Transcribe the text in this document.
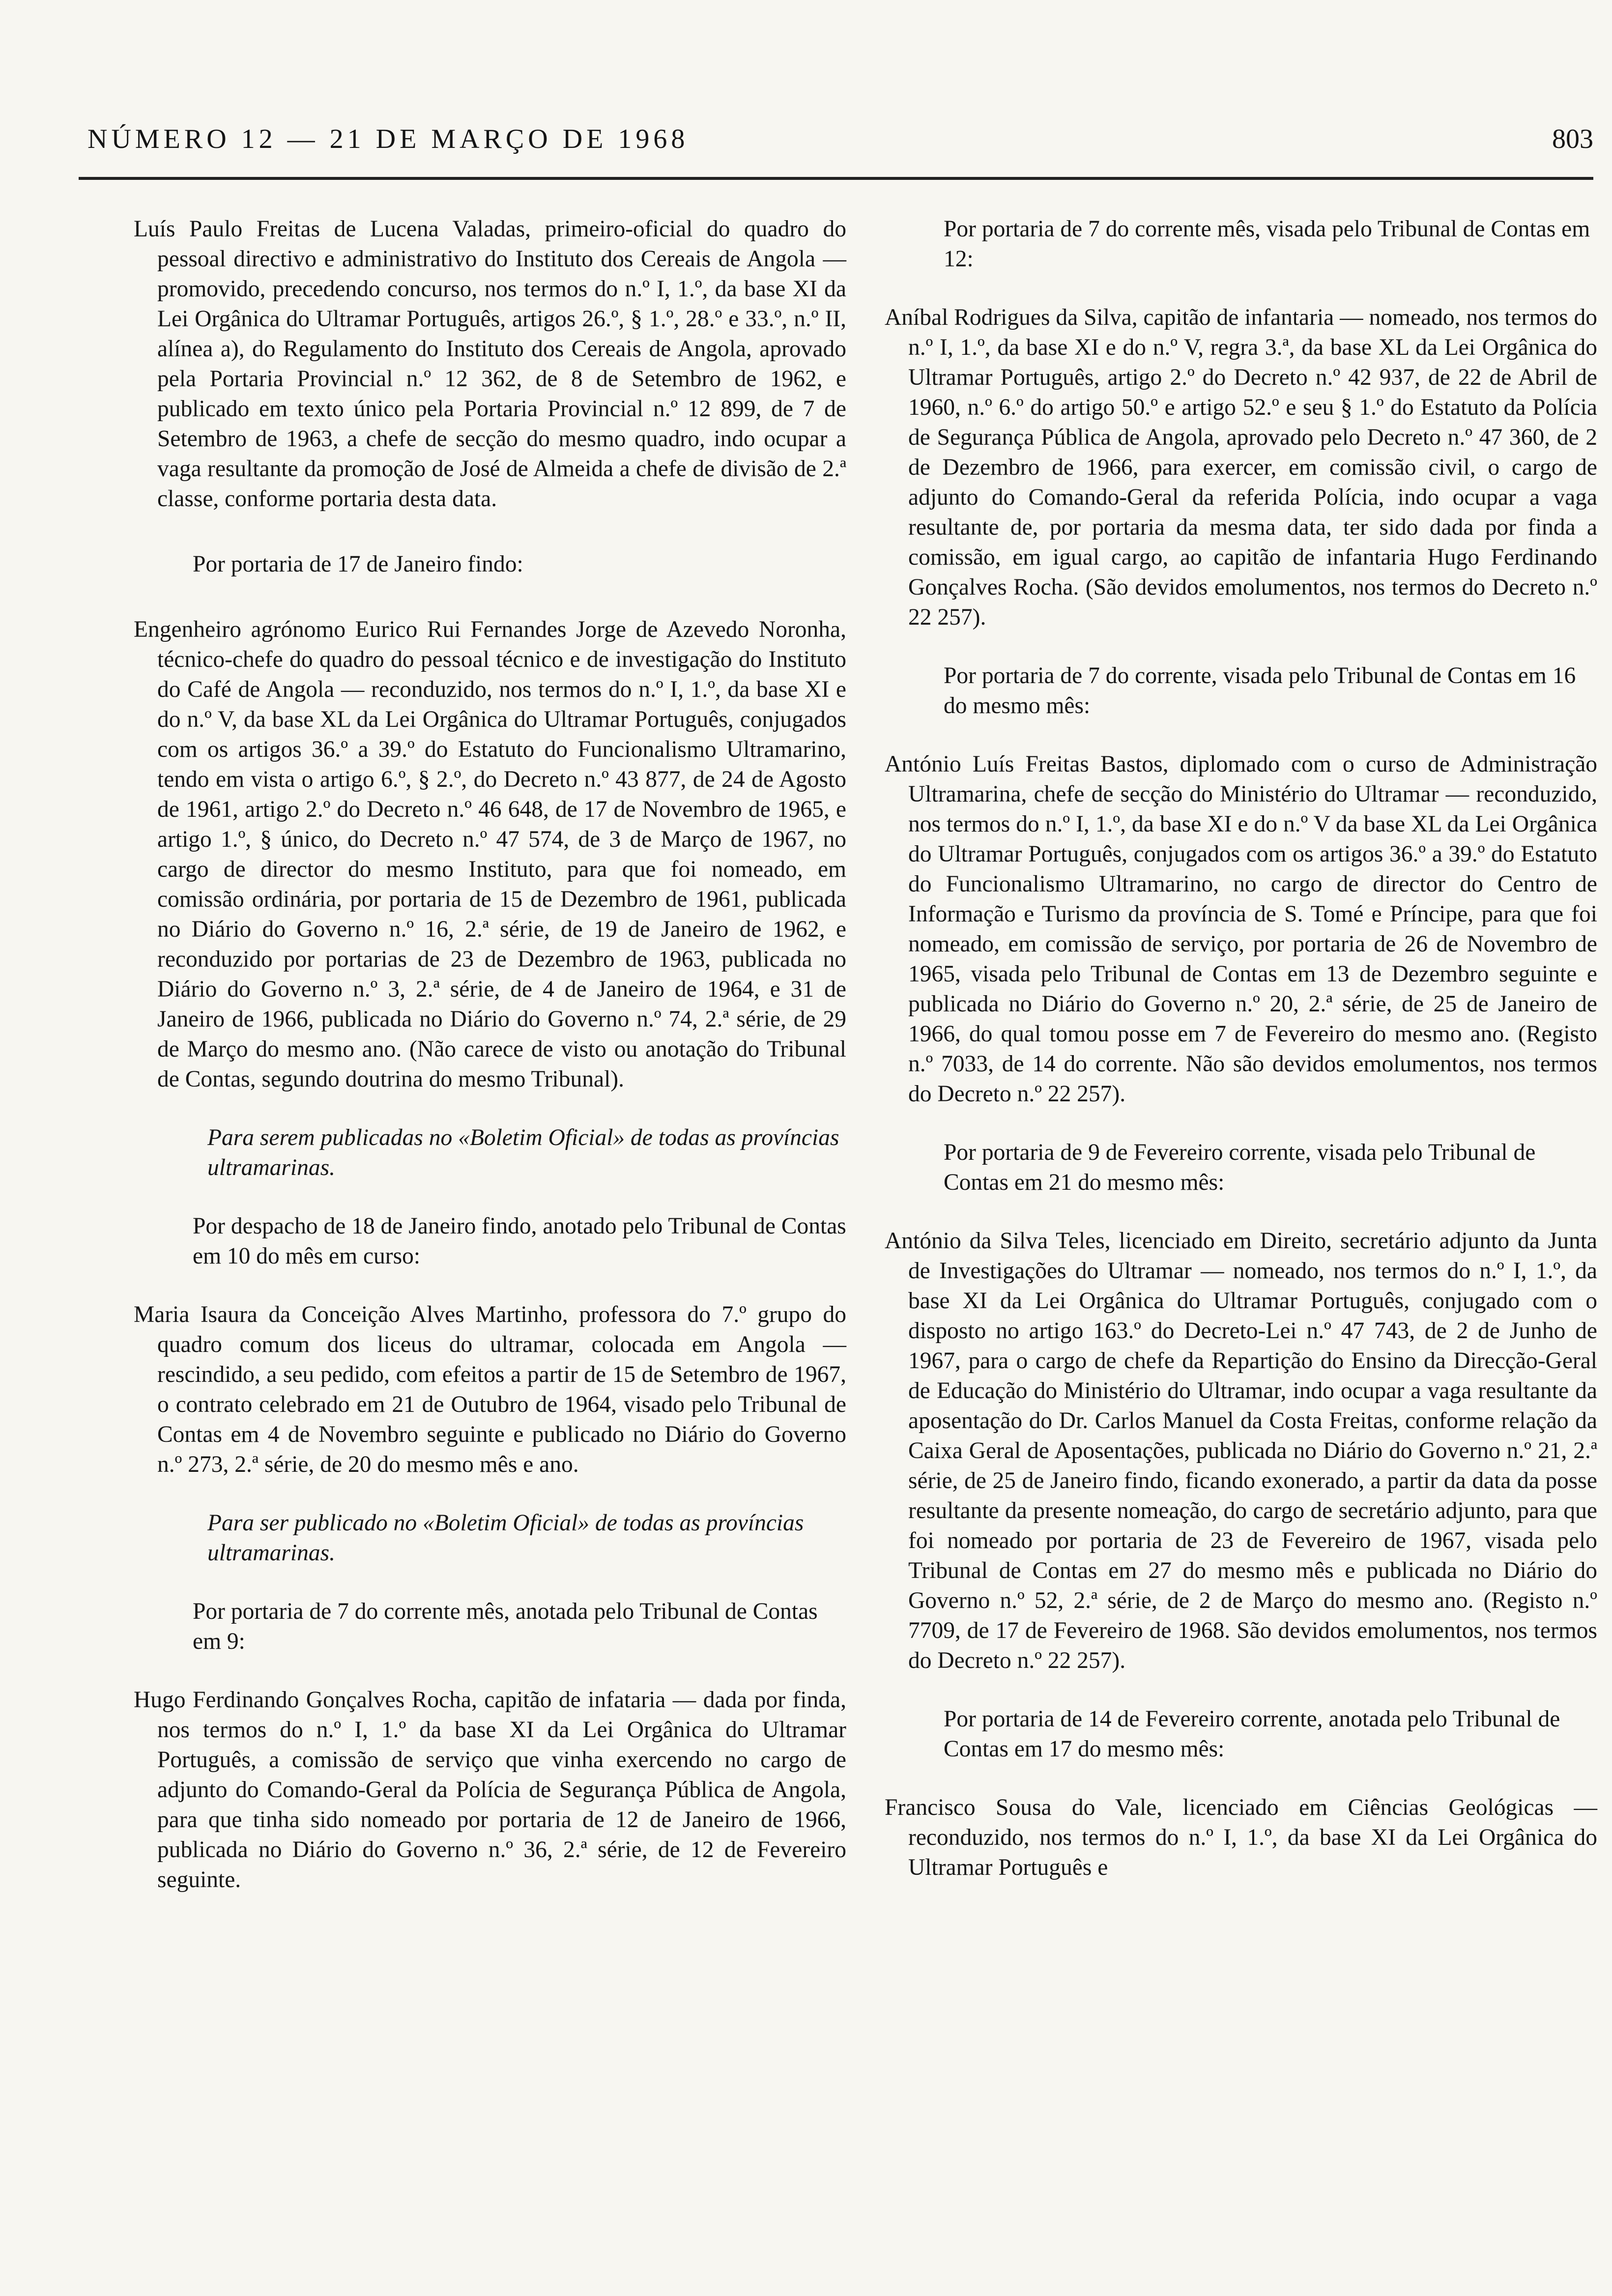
NÚMERO 12 — 21 DE MARÇO DE 1968	803

Luís Paulo Freitas de Lucena Valadas, primeiro-oficial do quadro do pessoal directivo e administrativo do Instituto dos Cereais de Angola — promovido, precedendo concurso, nos termos do n.º I, 1.º, da base XI da Lei Orgânica do Ultramar Português, artigos 26.º, § 1.º, 28.º e 33.º, n.º II, alínea a), do Regulamento do Instituto dos Cereais de Angola, aprovado pela Portaria Provincial n.º 12 362, de 8 de Setembro de 1962, e publicado em texto único pela Portaria Provincial n.º 12 899, de 7 de Setembro de 1963, a chefe de secção do mesmo quadro, indo ocupar a vaga resultante da promoção de José de Almeida a chefe de divisão de 2.ª classe, conforme portaria desta data.

Por portaria de 17 de Janeiro findo:

Engenheiro agrónomo Eurico Rui Fernandes Jorge de Azevedo Noronha, técnico-chefe do quadro do pessoal técnico e de investigação do Instituto do Café de Angola — reconduzido, nos termos do n.º I, 1.º, da base XI e do n.º V, da base XL da Lei Orgânica do Ultramar Português, conjugados com os artigos 36.º a 39.º do Estatuto do Funcionalismo Ultramarino, tendo em vista o artigo 6.º, § 2.º, do Decreto n.º 43 877, de 24 de Agosto de 1961, artigo 2.º do Decreto n.º 46 648, de 17 de Novembro de 1965, e artigo 1.º, § único, do Decreto n.º 47 574, de 3 de Março de 1967, no cargo de director do mesmo Instituto, para que foi nomeado, em comissão ordinária, por portaria de 15 de Dezembro de 1961, publicada no Diário do Governo n.º 16, 2.ª série, de 19 de Janeiro de 1962, e reconduzido por portarias de 23 de Dezembro de 1963, publicada no Diário do Governo n.º 3, 2.ª série, de 4 de Janeiro de 1964, e 31 de Janeiro de 1966, publicada no Diário do Governo n.º 74, 2.ª série, de 29 de Março do mesmo ano. (Não carece de visto ou anotação do Tribunal de Contas, segundo doutrina do mesmo Tribunal).

Para serem publicadas no «Boletim Oficial» de todas as províncias ultramarinas.

Por despacho de 18 de Janeiro findo, anotado pelo Tribunal de Contas em 10 do mês em curso:

Maria Isaura da Conceição Alves Martinho, professora do 7.º grupo do quadro comum dos liceus do ultramar, colocada em Angola — rescindido, a seu pedido, com efeitos a partir de 15 de Setembro de 1967, o contrato celebrado em 21 de Outubro de 1964, visado pelo Tribunal de Contas em 4 de Novembro seguinte e publicado no Diário do Governo n.º 273, 2.ª série, de 20 do mesmo mês e ano.

Para ser publicado no «Boletim Oficial» de todas as províncias ultramarinas.

Por portaria de 7 do corrente mês, anotada pelo Tribunal de Contas em 9:

Hugo Ferdinando Gonçalves Rocha, capitão de infataria — dada por finda, nos termos do n.º I, 1.º da base XI da Lei Orgânica do Ultramar Português, a comissão de serviço que vinha exercendo no cargo de adjunto do Comando-Geral da Polícia de Segurança Pública de Angola, para que tinha sido nomeado por portaria de 12 de Janeiro de 1966, publicada no Diário do Governo n.º 36, 2.ª série, de 12 de Fevereiro seguinte.

Por portaria de 7 do corrente mês, visada pelo Tribunal de Contas em 12:

Aníbal Rodrigues da Silva, capitão de infantaria — nomeado, nos termos do n.º I, 1.º, da base XI e do n.º V, regra 3.ª, da base XL da Lei Orgânica do Ultramar Português, artigo 2.º do Decreto n.º 42 937, de 22 de Abril de 1960, n.º 6.º do artigo 50.º e artigo 52.º e seu § 1.º do Estatuto da Polícia de Segurança Pública de Angola, aprovado pelo Decreto n.º 47 360, de 2 de Dezembro de 1966, para exercer, em comissão civil, o cargo de adjunto do Comando-Geral da referida Polícia, indo ocupar a vaga resultante de, por portaria da mesma data, ter sido dada por finda a comissão, em igual cargo, ao capitão de infantaria Hugo Ferdinando Gonçalves Rocha. (São devidos emolumentos, nos termos do Decreto n.º 22 257).

Por portaria de 7 do corrente, visada pelo Tribunal de Contas em 16 do mesmo mês:

António Luís Freitas Bastos, diplomado com o curso de Administração Ultramarina, chefe de secção do Ministério do Ultramar — reconduzido, nos termos do n.º I, 1.º, da base XI e do n.º V da base XL da Lei Orgânica do Ultramar Português, conjugados com os artigos 36.º a 39.º do Estatuto do Funcionalismo Ultramarino, no cargo de director do Centro de Informação e Turismo da província de S. Tomé e Príncipe, para que foi nomeado, em comissão de serviço, por portaria de 26 de Novembro de 1965, visada pelo Tribunal de Contas em 13 de Dezembro seguinte e publicada no Diário do Governo n.º 20, 2.ª série, de 25 de Janeiro de 1966, do qual tomou posse em 7 de Fevereiro do mesmo ano. (Registo n.º 7033, de 14 do corrente. Não são devidos emolumentos, nos termos do Decreto n.º 22 257).

Por portaria de 9 de Fevereiro corrente, visada pelo Tribunal de Contas em 21 do mesmo mês:

António da Silva Teles, licenciado em Direito, secretário adjunto da Junta de Investigações do Ultramar — nomeado, nos termos do n.º I, 1.º, da base XI da Lei Orgânica do Ultramar Português, conjugado com o disposto no artigo 163.º do Decreto-Lei n.º 47 743, de 2 de Junho de 1967, para o cargo de chefe da Repartição do Ensino da Direcção-Geral de Educação do Ministério do Ultramar, indo ocupar a vaga resultante da aposentação do Dr. Carlos Manuel da Costa Freitas, conforme relação da Caixa Geral de Aposentações, publicada no Diário do Governo n.º 21, 2.ª série, de 25 de Janeiro findo, ficando exonerado, a partir da data da posse resultante da presente nomeação, do cargo de secretário adjunto, para que foi nomeado por portaria de 23 de Fevereiro de 1967, visada pelo Tribunal de Contas em 27 do mesmo mês e publicada no Diário do Governo n.º 52, 2.ª série, de 2 de Março do mesmo ano. (Registo n.º 7709, de 17 de Fevereiro de 1968. São devidos emolumentos, nos termos do Decreto n.º 22 257).

Por portaria de 14 de Fevereiro corrente, anotada pelo Tribunal de Contas em 17 do mesmo mês:

Francisco Sousa do Vale, licenciado em Ciências Geológicas — reconduzido, nos termos do n.º I, 1.º, da base XI da Lei Orgânica do Ultramar Português e
